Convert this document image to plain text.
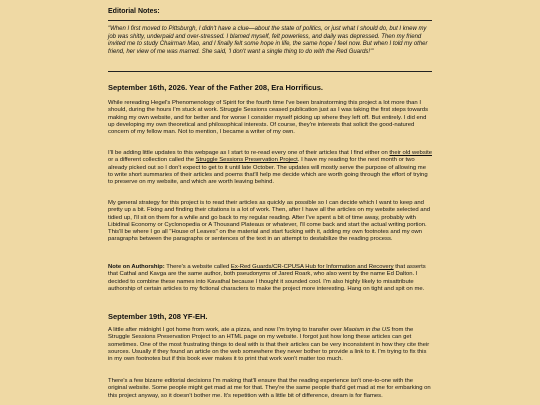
Editorial Notes:

"When I first moved to Pittsburgh, I didn't have a clue—about the state of politics, or just what I should do, but I knew my job was shitty, underpaid and over-stressed. I blamed myself, felt powerless, and daily was depressed. Then my friend invited me to study Chairman Mao, and I finally felt some hope in life, the same hope I feel now. But when I told my other friend, her view of me was marred. She said, 'I don't want a single thing to do with the Red Guards!'"

September 16th, 2026. Year of the Father 208, Era Horrificus.

While rereading Hegel's Phenomenology of Spirit for the fourth time I've been brainstorming this project a lot more than I should, during the hours I'm stuck at work. Struggle Sessions ceased publication just as I was taking the first steps towards making my own website, and for better and for worse I consider myself picking up where they left off. But entirely. I did end up developing my own theoretical and philosophical interests. Of course, they're interests that solicit the good-natured concern of my fellow man. Not to mention, I became a writer of my own.

I'll be adding little updates to this webpage as I start to re-read every one of their articles that I find either on their old website or a different collection called the Struggle Sessions Preservation Project. I have my reading for the next month or two already picked out so I don't expect to get to it until late October. The updates will mostly serve the purpose of allowing me to write short summaries of their articles and poems that'll help me decide which are worth going through the effort of trying to preserve on my website, and which are worth leaving behind.

My general strategy for this project is to read their articles as quickly as possible so I can decide which I want to keep and pretty up a bit. Fixing and finding their citations is a lot of work. Then, after I have all the articles on my website selected and tidied up, I'll sit on them for a while and go back to my regular reading. After I've spent a bit of time away, probably with Libidinal Economy or Cyclonopedia or A Thousand Plateaus or whatever, I'll come back and start the actual writing portion. This'll be where I go all "House of Leaves" on the material and start fucking with it, adding my own footnotes and my own paragraphs between the paragraphs or sentences of the text in an attempt to destabilize the reading process.

Note on Authorship: There's a website called Ex-Red Guards/CR-CPUSA Hub for Information and Recovery that asserts that Cathal and Kavga are the same author, both pseudonyms of Jared Roark, who also went by the name Ed Dalton. I decided to combine these names into Kavathal because I thought it sounded cool. I'm also highly likely to misattribute authorship of certain articles to my fictional characters to make the project more interesting. Hang on tight and spit on me.

September 19th, 208 YF-EH.

A little after midnight I got home from work, ate a pizza, and now I'm trying to transfer over Maoism in the US from the Struggle Sessions Preservation Project to an HTML page on my website. I forgot just how long these articles can get sometimes. One of the most frustrating things to deal with is that their articles can be very inconsistent in how they cite their sources. Usually if they found an article on the web somewhere they never bother to provide a link to it. I'm trying to fix this in my own footnotes but if this book ever makes it to print that work won't matter too much.

There's a few bizarre editorial decisions I'm making that'll ensure that the reading experience isn't one-to-one with the original website. Some people might get mad at me for that. They're the same people that'd get mad at me for embarking on this project anyway, so it doesn't bother me. It's repetition with a little bit of difference, dream is for flames.
